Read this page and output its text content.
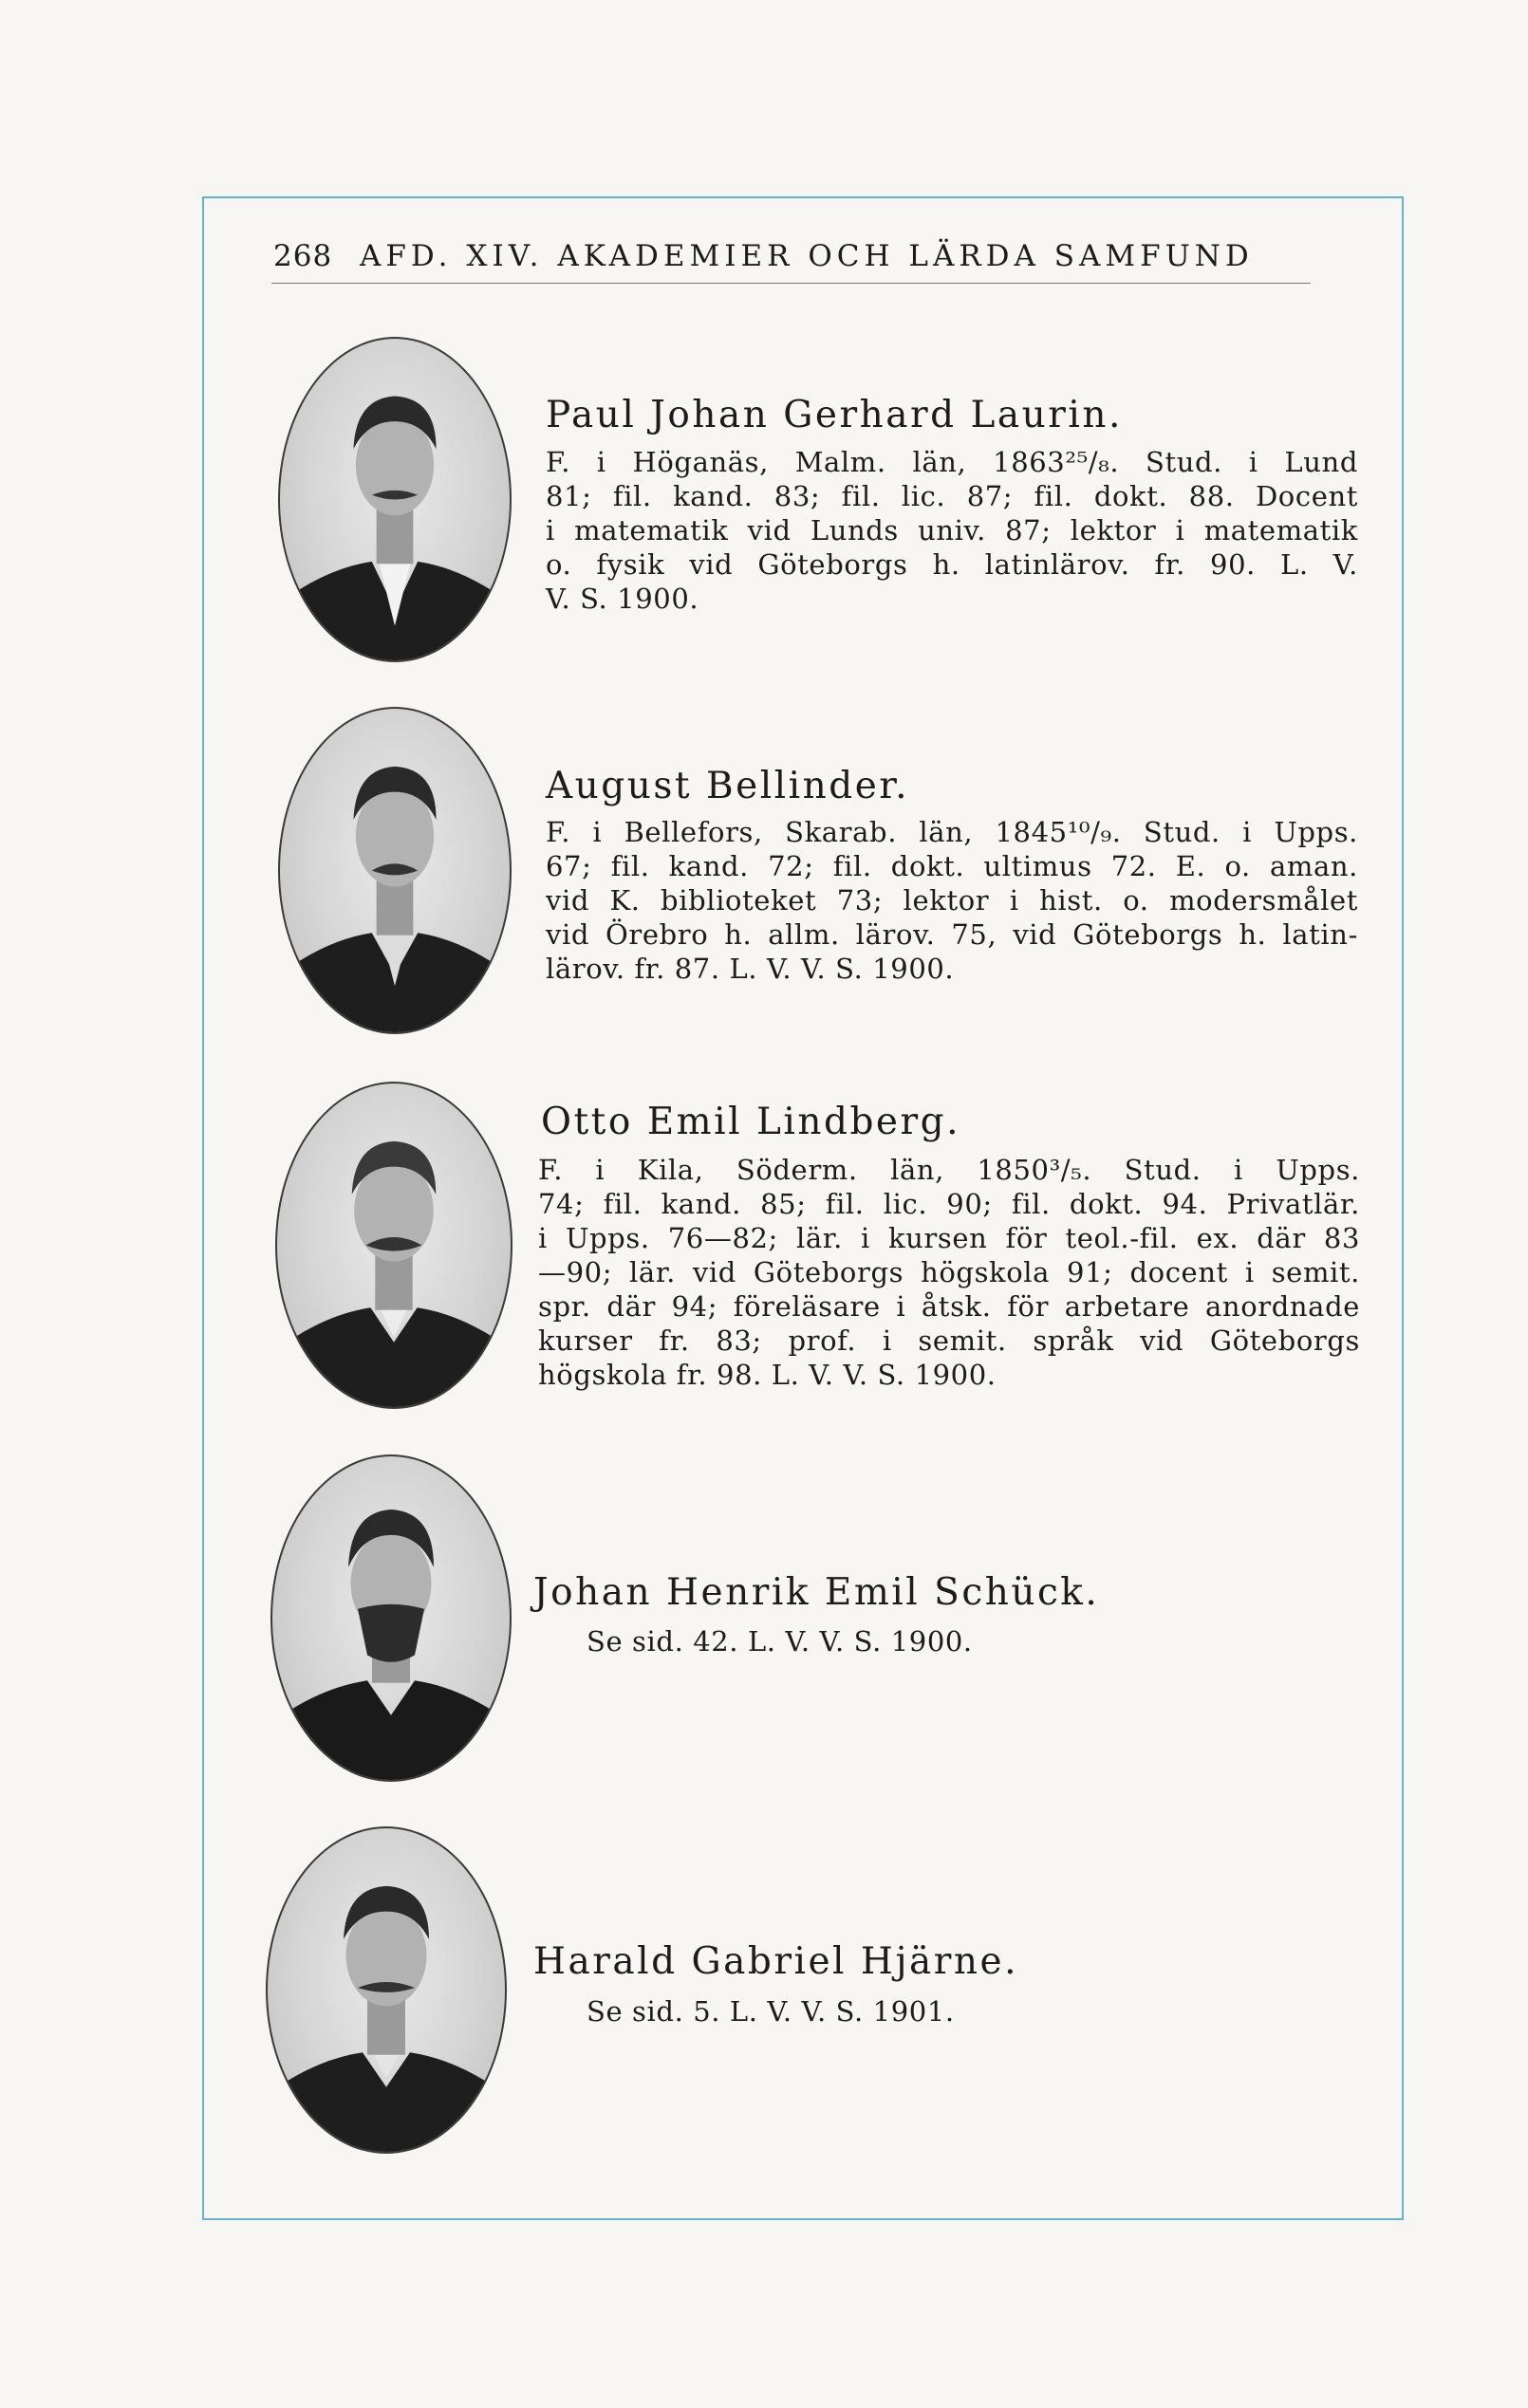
268 AFD. XIV. AKADEMIER OCH LÄRDA SAMFUND
Paul Johan Gerhard Laurin.
F. i Höganäs, Malm. län, 1863²⁵/₈. Stud. i Lund
81; fil. kand. 83; fil. lic. 87; fil. dokt. 88. Docent
i matematik vid Lunds univ. 87; lektor i matematik
o. fysik vid Göteborgs h. latinlärov. fr. 90. L. V.
V. S. 1900.
August Bellinder.
F. i Bellefors, Skarab. län, 1845¹⁰/₉. Stud. i Upps.
67; fil. kand. 72; fil. dokt. ultimus 72. E. o. aman.
vid K. biblioteket 73; lektor i hist. o. modersmålet
vid Örebro h. allm. lärov. 75, vid Göteborgs h. latin-
lärov. fr. 87. L. V. V. S. 1900.
Otto Emil Lindberg.
F. i Kila, Söderm. län, 1850³/₅. Stud. i Upps.
74; fil. kand. 85; fil. lic. 90; fil. dokt. 94. Privatlär.
i Upps. 76—82; lär. i kursen för teol.-fil. ex. där 83
—90; lär. vid Göteborgs högskola 91; docent i semit.
spr. där 94; föreläsare i åtsk. för arbetare anordnade
kurser fr. 83; prof. i semit. språk vid Göteborgs
högskola fr. 98. L. V. V. S. 1900.
Johan Henrik Emil Schück.
Se sid. 42. L. V. V. S. 1900.
Harald Gabriel Hjärne.
Se sid. 5. L. V. V. S. 1901.
